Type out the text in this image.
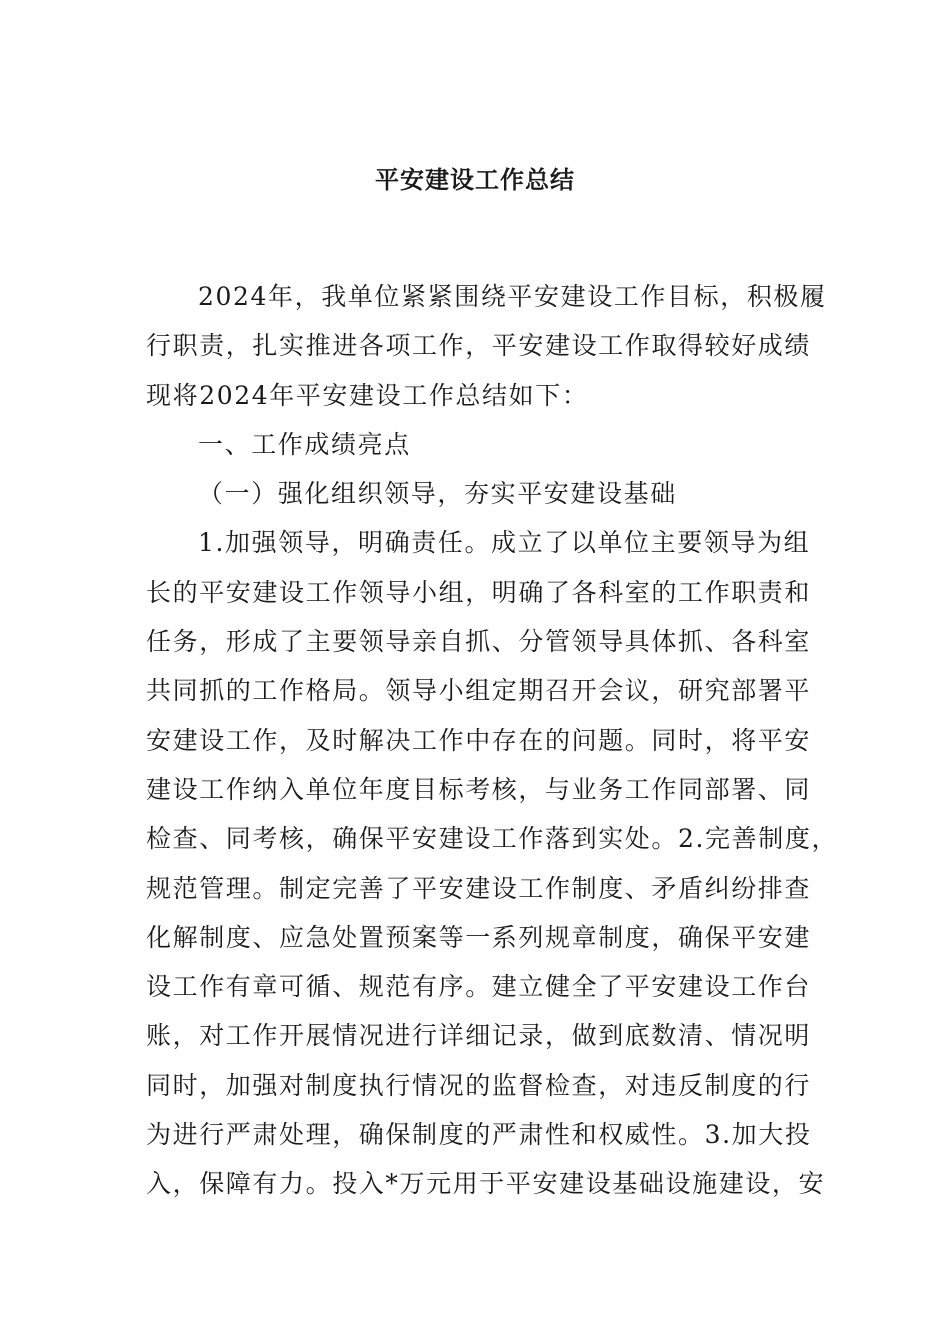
平安建设工作总结
2024年，我单位紧紧围绕平安建设工作目标，积极履
行职责，扎实推进各项工作，平安建设工作取得较好成绩
现将2024年平安建设工作总结如下：
一、工作成绩亮点
（一）强化组织领导，夯实平安建设基础
1.加强领导，明确责任。成立了以单位主要领导为组
长的平安建设工作领导小组，明确了各科室的工作职责和
任务，形成了主要领导亲自抓、分管领导具体抓、各科室
共同抓的工作格局。领导小组定期召开会议，研究部署平
安建设工作，及时解决工作中存在的问题。同时，将平安
建设工作纳入单位年度目标考核，与业务工作同部署、同
检查、同考核，确保平安建设工作落到实处。2.完善制度，
规范管理。制定完善了平安建设工作制度、矛盾纠纷排查
化解制度、应急处置预案等一系列规章制度，确保平安建
设工作有章可循、规范有序。建立健全了平安建设工作台
账，对工作开展情况进行详细记录，做到底数清、情况明
同时，加强对制度执行情况的监督检查，对违反制度的行
为进行严肃处理，确保制度的严肃性和权威性。3.加大投
入，保障有力。投入*万元用于平安建设基础设施建设，安
